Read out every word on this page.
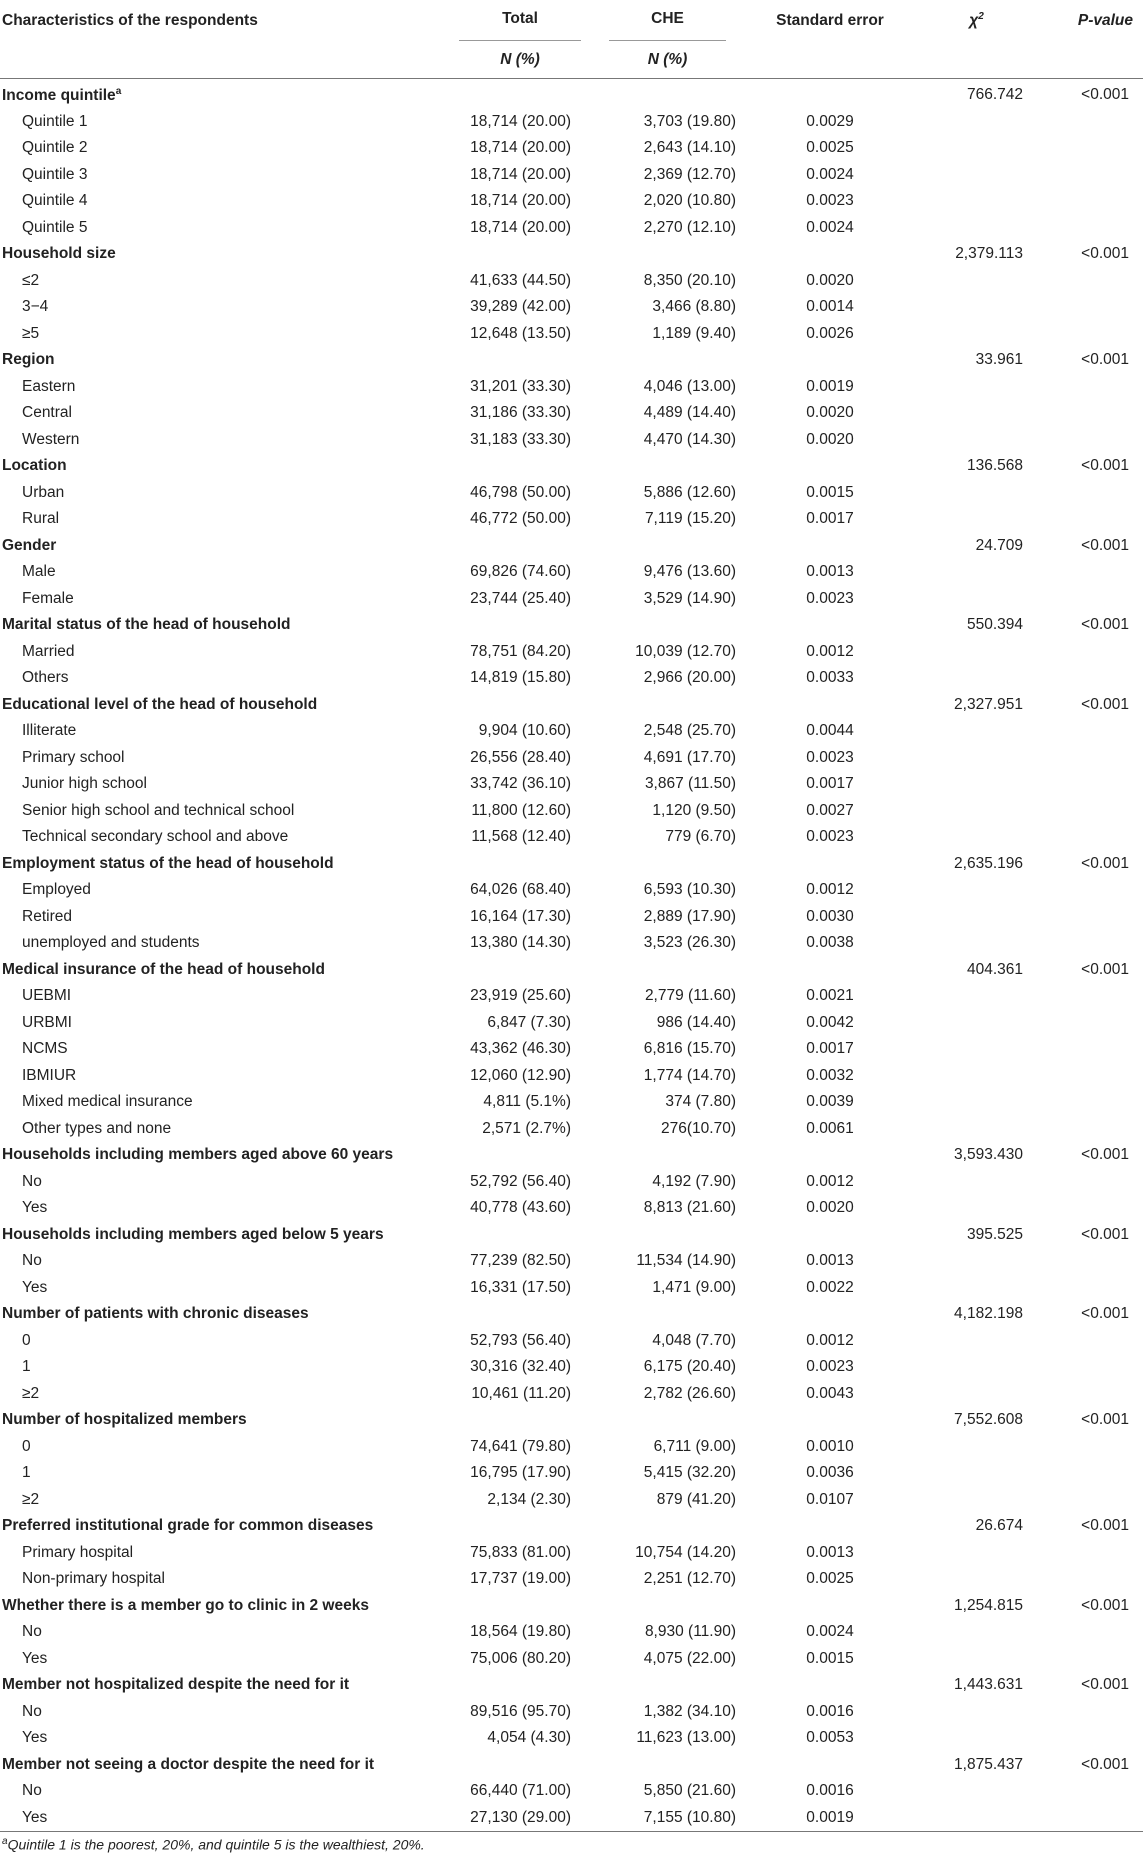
Characteristics of the respondents	Total	CHE	Standard error	$\chi^2$	P-value
	N (%)	N (%)			

Income quintile$^a$				766.742	<0.001
Quintile 1	18,714 (20.00)	3,703 (19.80)	0.0029		
Quintile 2	18,714 (20.00)	2,643 (14.10)	0.0025		
Quintile 3	18,714 (20.00)	2,369 (12.70)	0.0024		
Quintile 4	18,714 (20.00)	2,020 (10.80)	0.0023		
Quintile 5	18,714 (20.00)	2,270 (12.10)	0.0024		
Household size				2,379.113	<0.001
≤2	41,633 (44.50)	8,350 (20.10)	0.0020		
3−4	39,289 (42.00)	3,466 (8.80)	0.0014		
≥5	12,648 (13.50)	1,189 (9.40)	0.0026		
Region				33.961	<0.001
Eastern	31,201 (33.30)	4,046 (13.00)	0.0019		
Central	31,186 (33.30)	4,489 (14.40)	0.0020		
Western	31,183 (33.30)	4,470 (14.30)	0.0020		
Location				136.568	<0.001
Urban	46,798 (50.00)	5,886 (12.60)	0.0015		
Rural	46,772 (50.00)	7,119 (15.20)	0.0017		
Gender				24.709	<0.001
Male	69,826 (74.60)	9,476 (13.60)	0.0013		
Female	23,744 (25.40)	3,529 (14.90)	0.0023		
Marital status of the head of household				550.394	<0.001
Married	78,751 (84.20)	10,039 (12.70)	0.0012		
Others	14,819 (15.80)	2,966 (20.00)	0.0033		
Educational level of the head of household				2,327.951	<0.001
Illiterate	9,904 (10.60)	2,548 (25.70)	0.0044		
Primary school	26,556 (28.40)	4,691 (17.70)	0.0023		
Junior high school	33,742 (36.10)	3,867 (11.50)	0.0017		
Senior high school and technical school	11,800 (12.60)	1,120 (9.50)	0.0027		
Technical secondary school and above	11,568 (12.40)	779 (6.70)	0.0023		
Employment status of the head of household				2,635.196	<0.001
Employed	64,026 (68.40)	6,593 (10.30)	0.0012		
Retired	16,164 (17.30)	2,889 (17.90)	0.0030		
unemployed and students	13,380 (14.30)	3,523 (26.30)	0.0038		
Medical insurance of the head of household				404.361	<0.001
UEBMI	23,919 (25.60)	2,779 (11.60)	0.0021		
URBMI	6,847 (7.30)	986 (14.40)	0.0042		
NCMS	43,362 (46.30)	6,816 (15.70)	0.0017		
IBMIUR	12,060 (12.90)	1,774 (14.70)	0.0032		
Mixed medical insurance	4,811 (5.1%)	374 (7.80)	0.0039		
Other types and none	2,571 (2.7%)	276(10.70)	0.0061		
Households including members aged above 60 years				3,593.430	<0.001
No	52,792 (56.40)	4,192 (7.90)	0.0012		
Yes	40,778 (43.60)	8,813 (21.60)	0.0020		
Households including members aged below 5 years				395.525	<0.001
No	77,239 (82.50)	11,534 (14.90)	0.0013		
Yes	16,331 (17.50)	1,471 (9.00)	0.0022		
Number of patients with chronic diseases				4,182.198	<0.001
0	52,793 (56.40)	4,048 (7.70)	0.0012		
1	30,316 (32.40)	6,175 (20.40)	0.0023		
≥2	10,461 (11.20)	2,782 (26.60)	0.0043		
Number of hospitalized members				7,552.608	<0.001
0	74,641 (79.80)	6,711 (9.00)	0.0010		
1	16,795 (17.90)	5,415 (32.20)	0.0036		
≥2	2,134 (2.30)	879 (41.20)	0.0107		
Preferred institutional grade for common diseases				26.674	<0.001
Primary hospital	75,833 (81.00)	10,754 (14.20)	0.0013		
Non-primary hospital	17,737 (19.00)	2,251 (12.70)	0.0025		
Whether there is a member go to clinic in 2 weeks				1,254.815	<0.001
No	18,564 (19.80)	8,930 (11.90)	0.0024		
Yes	75,006 (80.20)	4,075 (22.00)	0.0015		
Member not hospitalized despite the need for it				1,443.631	<0.001
No	89,516 (95.70)	1,382 (34.10)	0.0016		
Yes	4,054 (4.30)	11,623 (13.00)	0.0053		
Member not seeing a doctor despite the need for it				1,875.437	<0.001
No	66,440 (71.00)	5,850 (21.60)	0.0016		
Yes	27,130 (29.00)	7,155 (10.80)	0.0019		
$^a$Quintile 1 is the poorest, 20%, and quintile 5 is the wealthiest, 20%.
